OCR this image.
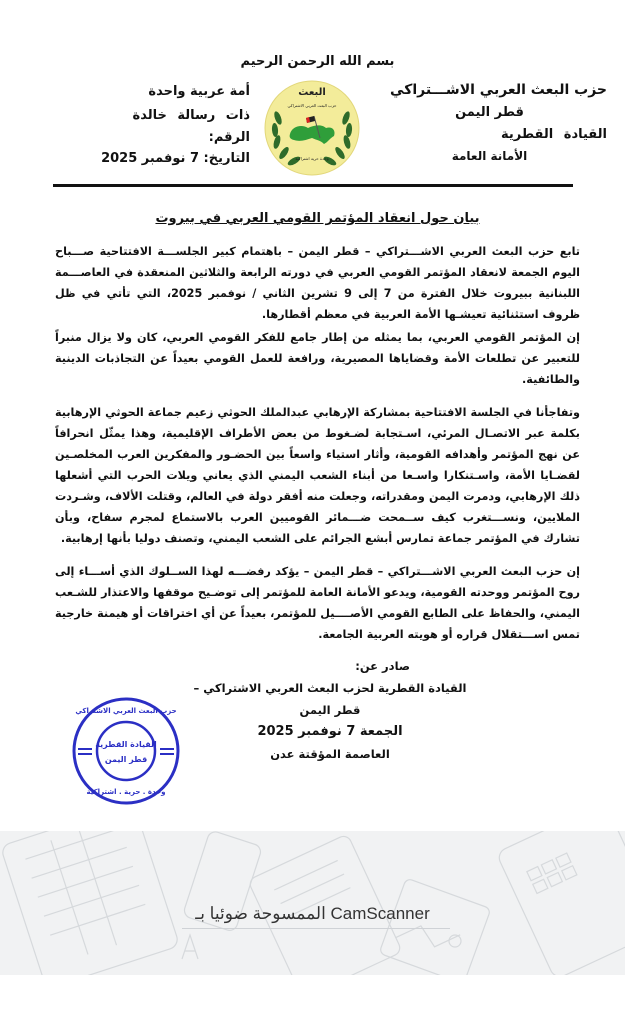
بسم الله الرحمن الرحيم
حزب البعث العربي الاشـــتراكي
قطر اليمن
القيادة القطرية
الأمانة العامة
البعث
حزب البعث العربي الاشتراكي
وحدة حرية اشتراكية
أمة عربية واحدة
ذات رسالة خالدة
الرقم:
التاريخ: 7 نوفمبر 2025
بيان حول انعقاد المؤتمر القومي العربي في بيروت

تابع حزب البعث العربي الاشـــتراكي – قطر اليمن – باهتمام كبير الجلســـة الافتتاحية صـــباح اليوم الجمعة لانعقاد المؤتمر القومي العربي في دورته الرابعة والثلاثين المنعقدة في العاصـــمة اللبنانية ببيروت خلال الفترة من 7 إلى 9 تشرين الثاني / نوفمبر 2025، التي تأتي في ظل ظروف استثنائية تعيشـها الأمة العربية في معظم أقطارها.

إن المؤتمر القومي العربي، بما يمثله من إطار جامع للفكر القومي العربي، كان ولا يزال منبراً للتعبير عن تطلعات الأمة وقضاياها المصيرية، ورافعة للعمل القومي بعيداً عن التجاذبات الدينية والطائفية.

وتفاجأنا في الجلسة الافتتاحية بمشاركة الإرهابي عبدالملك الحوثي زعيم جماعة الحوثي الإرهابية بكلمة عبر الاتصـال المرئي، اسـتجابة لضـغوط من بعض الأطراف الإقليمية، وهذا يمثّل انحرافاً عن نهج المؤتمر وأهدافه القومية، وأثار استياء واسعاً بين الحضـور والمفكرين العرب المخلصـين لقضـايا الأمة، واسـتنكارا واسـعا من أبناء الشعب اليمني الذي يعاني ويلات الحرب التي أشعلها ذلك الإرهابي، ودمرت اليمن ومقدراته، وجعلت منه أفقر دولة في العالم، وقتلت الألاف، وشـردت الملايين، ونســـتغرب كيف ســمحت ضـــمائر القوميين العرب بالاستماع لمجرم سفاح، وبأن تشارك في المؤتمر جماعة تمارس أبشع الجرائم على الشعب اليمني، وتصنف دوليا بأنها إرهابية.

إن حزب البعث العربي الاشـــتراكي – قطر اليمن – يؤكد رفضـــه لهذا الســلوك الذي أســـاء إلى روح المؤتمر ووحدته القومية، ويدعو الأمانة العامة للمؤتمر إلى توضـيح موقفها والاعتذار للشـعب اليمني، والحفاظ على الطابع القومي الأصــــيل للمؤتمر، بعيداً عن أي اختراقات أو هيمنة خارجية تمس اســـتقلال قراره أو هويته العربية الجامعة.

صادر عن:
القيادة القطرية لحزب البعث العربي الاشتراكي – قطر اليمن
الجمعة 7 نوفمبر 2025
العاصمة المؤقتة عدن
حزب البعث العربي الاشتراكي
القيادة القطرية
قطر اليمن
وحدة . حرية . اشتراكية
الممسوحة ضوئيا بـ CamScanner
